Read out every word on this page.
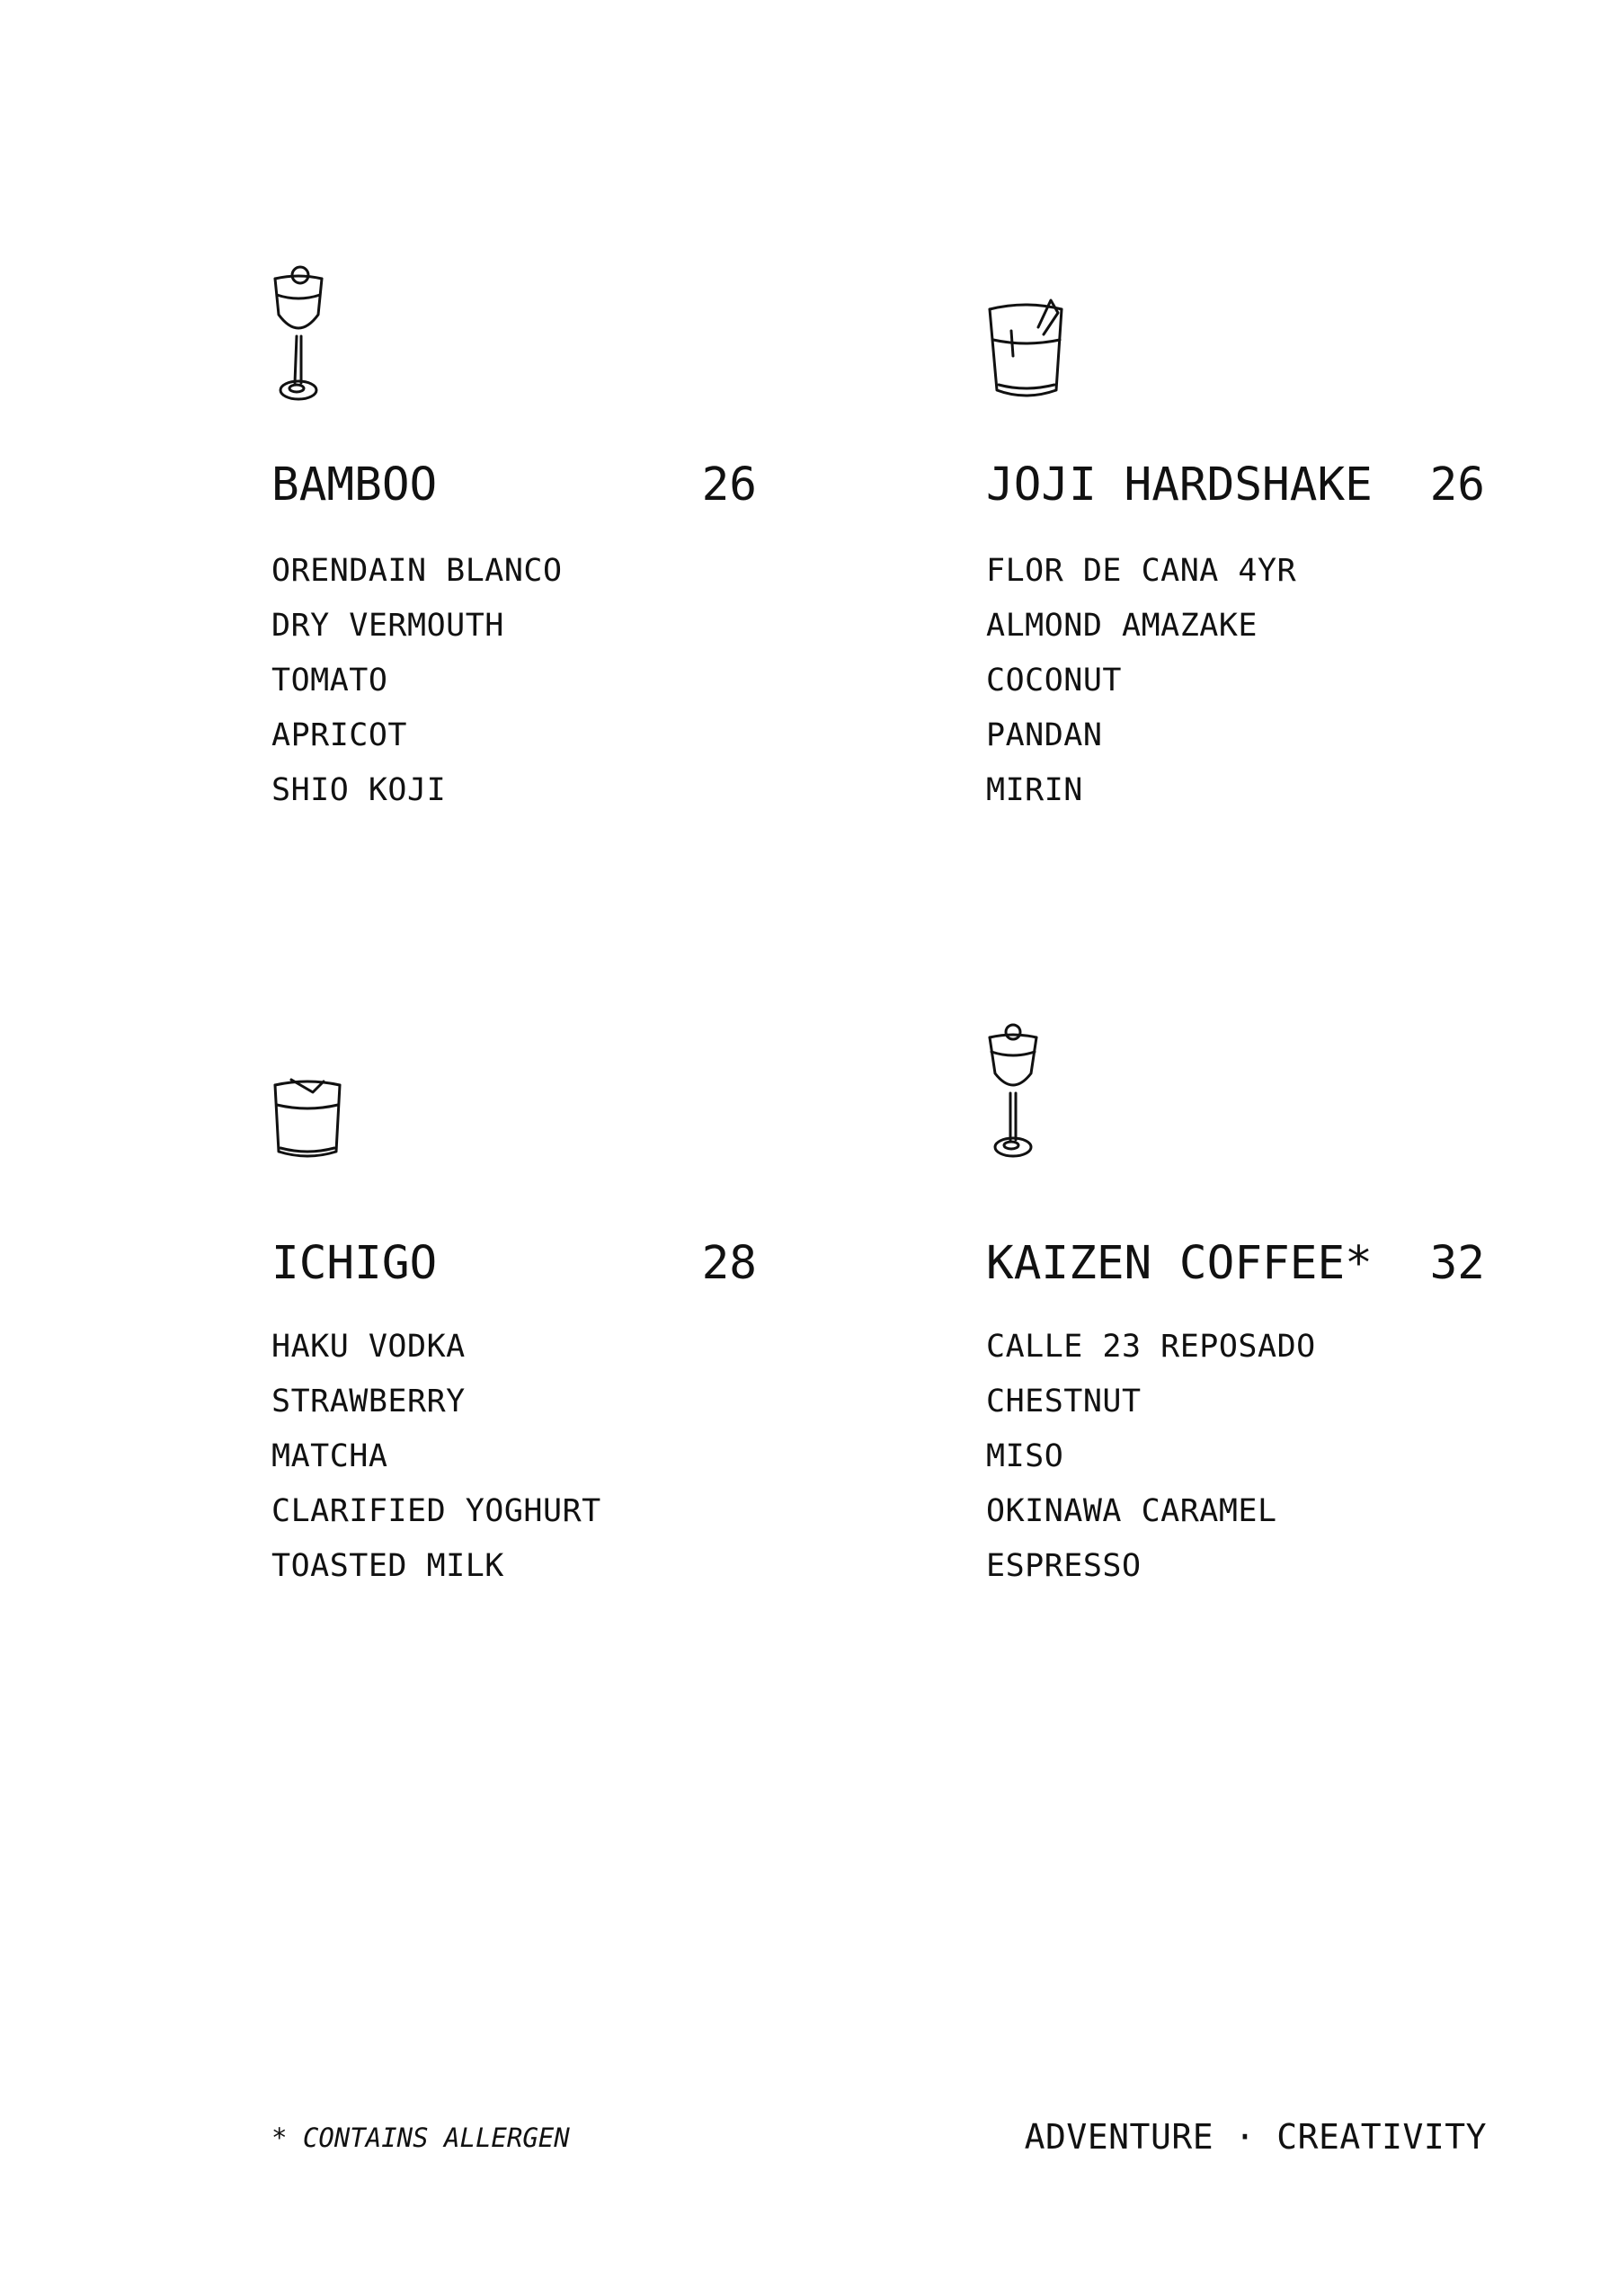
BAMBOO	26
ORENDAIN BLANCO
DRY VERMOUTH
TOMATO
APRICOT
SHIO KOJI
JOJI HARDSHAKE 26
FLOR DE CANA 4YR
ALMOND AMAZAKE
COCONUT
PANDAN
MIRIN
ICHIGO	28
HAKU VODKA
STRAWBERRY
MATCHA
CLARIFIED YOGHURT
TOASTED MILK
KAIZEN COFFEE* 32
CALLE 23 REPOSADO
CHESTNUT
MISO
OKINAWA CARAMEL
ESPRESSO
* CONTAINS ALLERGEN	ADVENTURE · CREATIVITY
